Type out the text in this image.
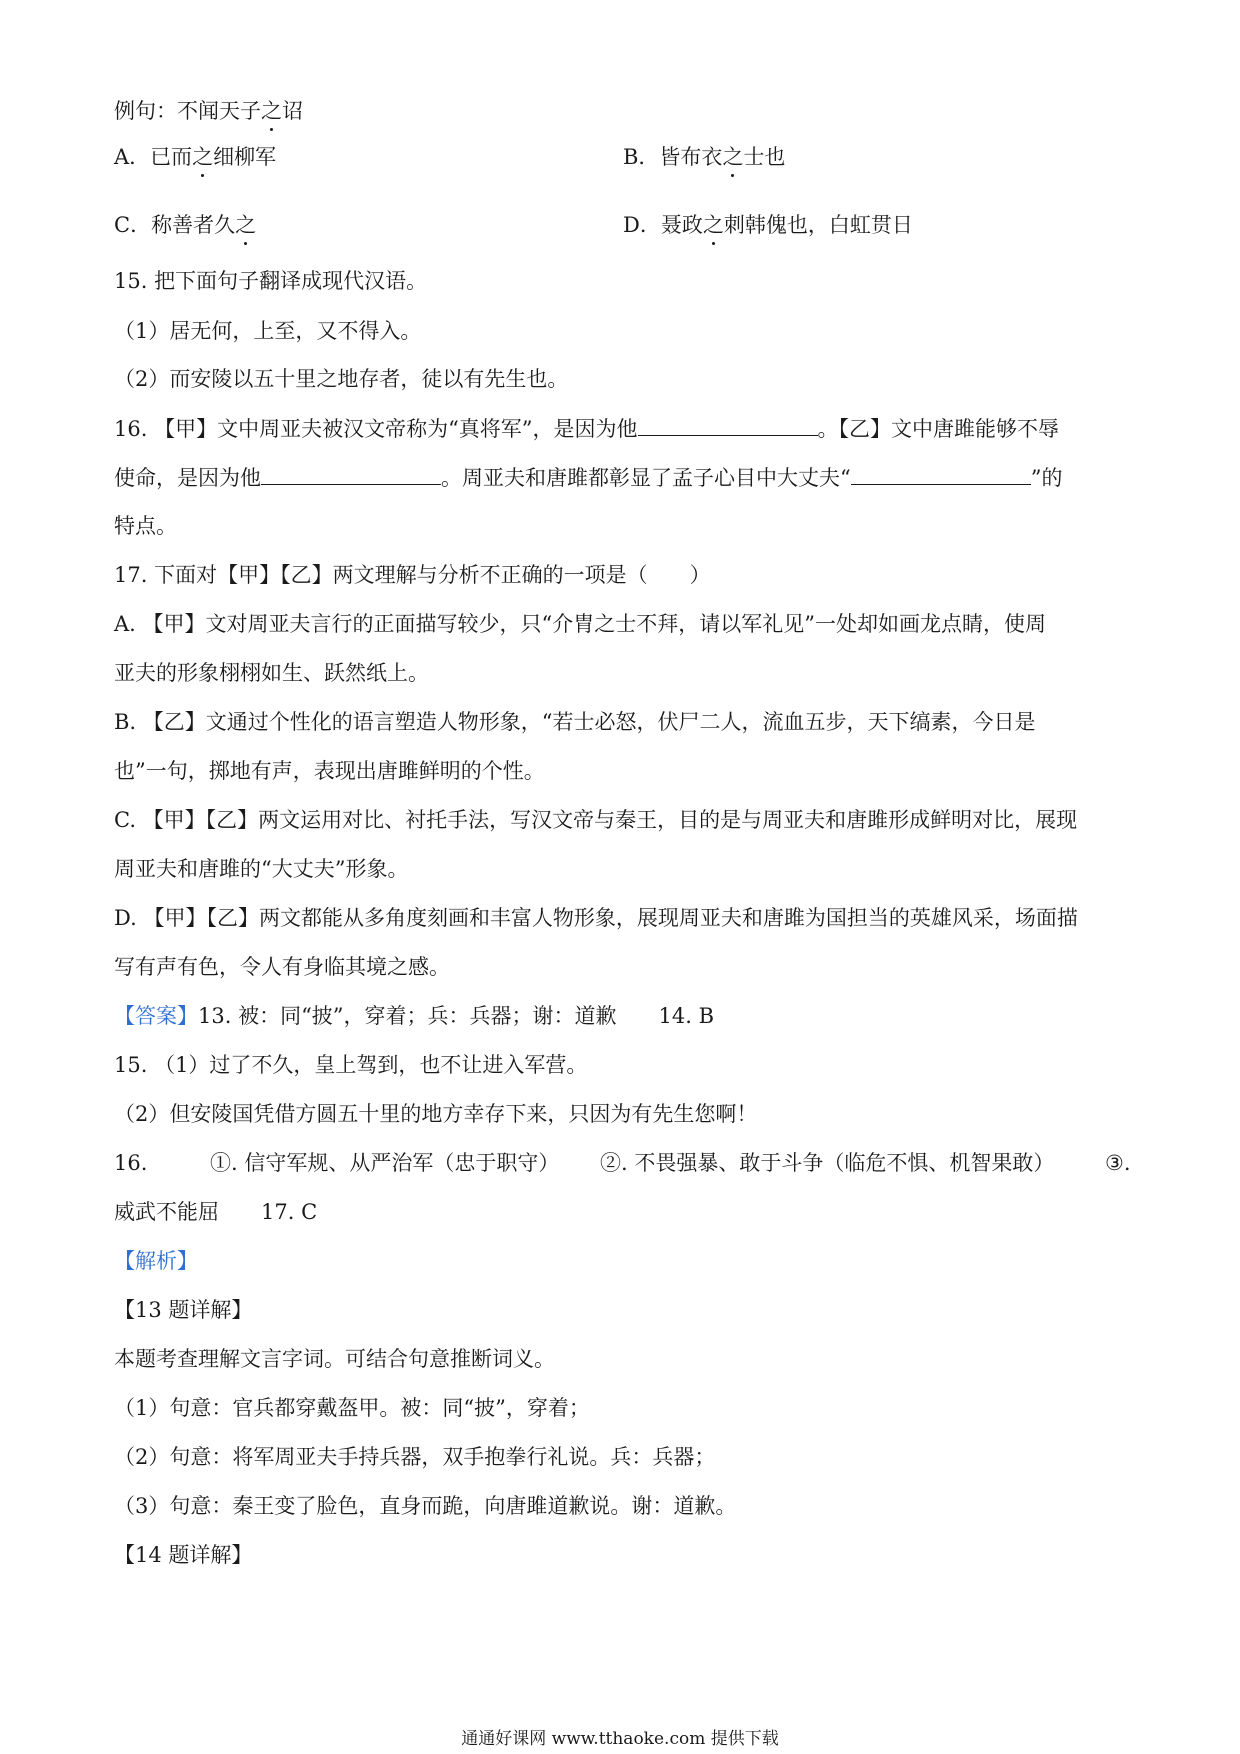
例句：不闻天子之诏
A．已而之细柳军	B．皆布衣之士也
C．称善者久之	D．聂政之刺韩傀也，白虹贯日
15. 把下面句子翻译成现代汉语。
（1）居无何，上至，又不得入。
（2）而安陵以五十里之地存者，徒以有先生也。
16. 【甲】文中周亚夫被汉文帝称为“真将军”，是因为他	。【乙】文中唐雎能够不辱
使命，是因为他	。周亚夫和唐雎都彰显了孟子心目中大丈夫“	”的
特点。
17. 下面对【甲】【乙】两文理解与分析不正确的一项是（　　）
A. 【甲】文对周亚夫言行的正面描写较少，只“介胄之士不拜，请以军礼见”一处却如画龙点睛，使周
亚夫的形象栩栩如生、跃然纸上。
B. 【乙】文通过个性化的语言塑造人物形象，“若士必怒，伏尸二人，流血五步，天下缟素，今日是
也”一句，掷地有声，表现出唐雎鲜明的个性。
C. 【甲】【乙】两文运用对比、衬托手法，写汉文帝与秦王，目的是与周亚夫和唐雎形成鲜明对比，展现
周亚夫和唐雎的“大丈夫”形象。
D. 【甲】【乙】两文都能从多角度刻画和丰富人物形象，展现周亚夫和唐雎为国担当的英雄风采，场面描
写有声有色，令人有身临其境之感。
【答案】13. 被：同“披”，穿着；兵：兵器；谢：道歉 14. B
15. （1）过了不久，皇上驾到，也不让进入军营。
（2）但安陵国凭借方圆五十里的地方幸存下来，只因为有先生您啊！
16.	①. 信守军规、从严治军（忠于职守） ②. 不畏强暴、敢于斗争（临危不惧、机智果敢） ③.
威武不能屈 17. C
【解析】
【13 题详解】
本题考查理解文言字词。可结合句意推断词义。
（1）句意：官兵都穿戴盔甲。被：同“披”，穿着；
（2）句意：将军周亚夫手持兵器，双手抱拳行礼说。兵：兵器；
（3）句意：秦王变了脸色，直身而跪，向唐雎道歉说。谢：道歉。
【14 题详解】
通通好课网 www.tthaoke.com 提供下载
